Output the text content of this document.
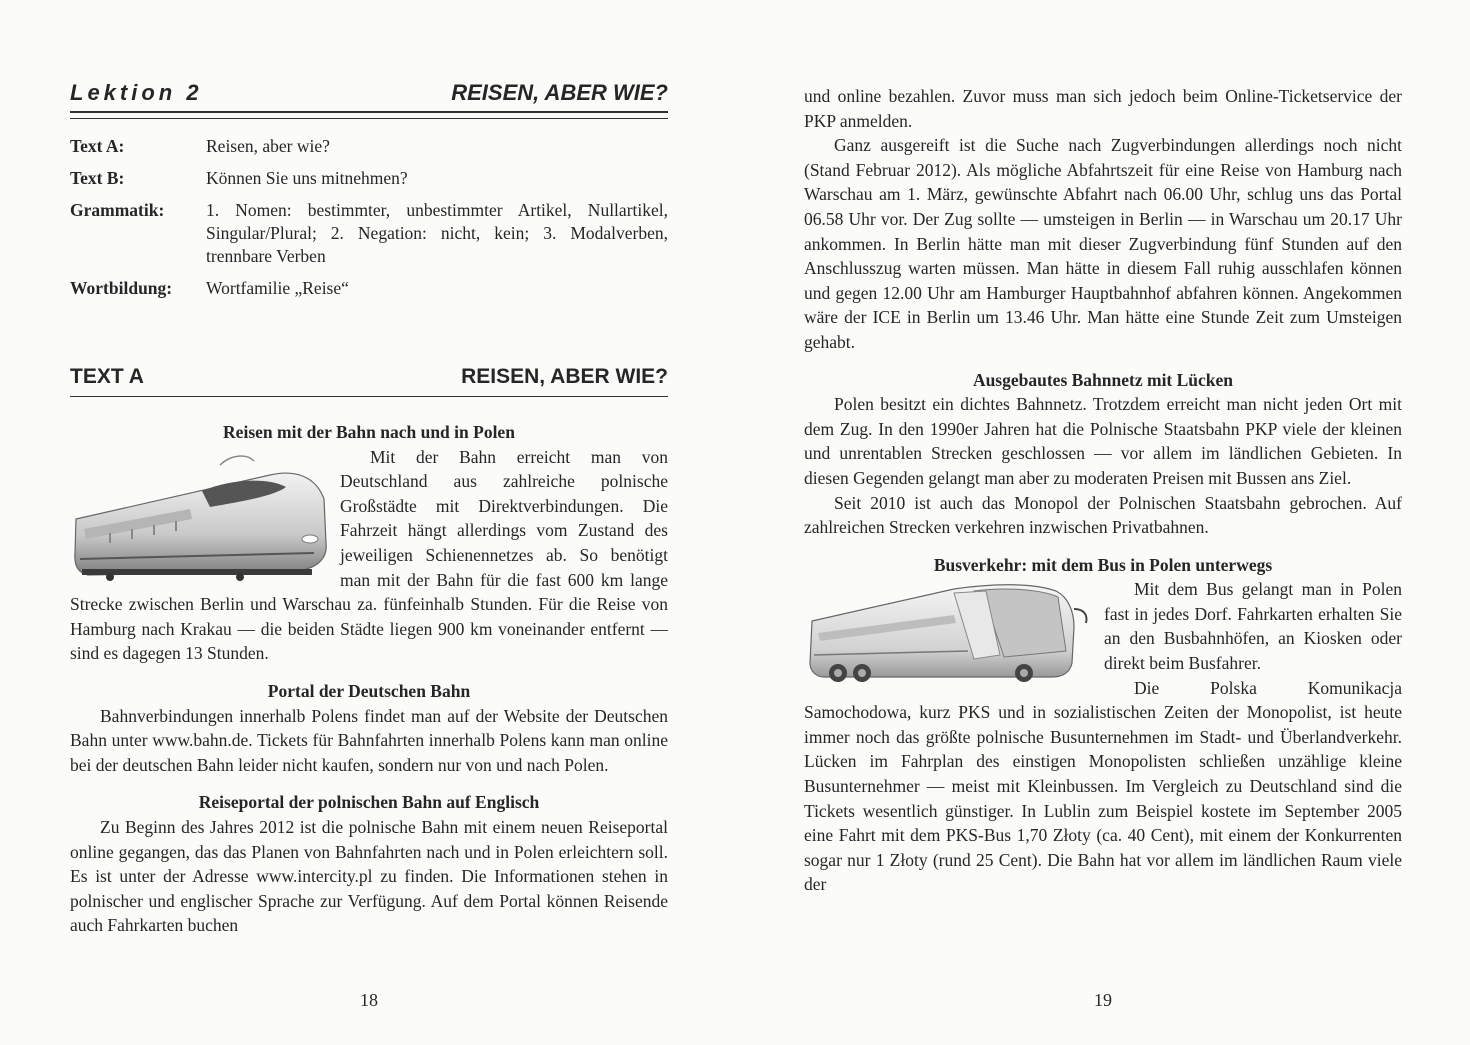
Lektion 2	REISEN, ABER WIE?
Text A:	Reisen, aber wie?
Text B:	Können Sie uns mitnehmen?
Grammatik: 1. Nomen: bestimmter, unbestimmter Artikel, Nullartikel, Singular/Plural; 2. Negation: nicht, kein; 3. Modalverben, trennbare Verben
Wortbildung: Wortfamilie „Reise“
TEXT A	REISEN, ABER WIE?
Reisen mit der Bahn nach und in Polen

Mit der Bahn erreicht man von Deutschland aus zahlreiche polnische Großstädte mit Direktverbindungen. Die Fahrzeit hängt allerdings vom Zustand des jeweiligen Schienennetzes ab. So benötigt man mit der Bahn für die fast 600 km lange Strecke zwischen Berlin und Warschau za. fünfeinhalb Stunden. Für die Reise von Hamburg nach Krakau — die beiden Städte liegen 900 km voneinander entfernt — sind es dagegen 13 Stunden.

Portal der Deutschen Bahn

Bahnverbindungen innerhalb Polens findet man auf der Website der Deutschen Bahn unter www.bahn.de. Tickets für Bahnfahrten innerhalb Polens kann man online bei der deutschen Bahn leider nicht kaufen, sondern nur von und nach Polen.

Reiseportal der polnischen Bahn auf Englisch

Zu Beginn des Jahres 2012 ist die polnische Bahn mit einem neuen Reiseportal online gegangen, das das Planen von Bahnfahrten nach und in Polen erleichtern soll. Es ist unter der Adresse www.intercity.pl zu finden. Die Informationen stehen in polnischer und englischer Sprache zur Verfügung. Auf dem Portal können Reisende auch Fahrkarten buchen

18

und online bezahlen. Zuvor muss man sich jedoch beim Online-Ticketservice der PKP anmelden.

Ganz ausgereift ist die Suche nach Zugverbindungen allerdings noch nicht (Stand Februar 2012). Als mögliche Abfahrtszeit für eine Reise von Hamburg nach Warschau am 1. März, gewünschte Abfahrt nach 06.00 Uhr, schlug uns das Portal 06.58 Uhr vor. Der Zug sollte — umsteigen in Berlin — in Warschau um 20.17 Uhr ankommen. In Berlin hätte man mit dieser Zugverbindung fünf Stunden auf den Anschlusszug warten müssen. Man hätte in diesem Fall ruhig ausschlafen können und gegen 12.00 Uhr am Hamburger Hauptbahnhof abfahren können. Angekommen wäre der ICE in Berlin um 13.46 Uhr. Man hätte eine Stunde Zeit zum Umsteigen gehabt.

Ausgebautes Bahnnetz mit Lücken

Polen besitzt ein dichtes Bahnnetz. Trotzdem erreicht man nicht jeden Ort mit dem Zug. In den 1990er Jahren hat die Polnische Staatsbahn PKP viele der kleinen und unrentablen Strecken geschlossen — vor allem im ländlichen Gebieten. In diesen Gegenden gelangt man aber zu moderaten Preisen mit Bussen ans Ziel.

Seit 2010 ist auch das Monopol der Polnischen Staatsbahn gebrochen. Auf zahlreichen Strecken verkehren inzwischen Privatbahnen.

Busverkehr: mit dem Bus in Polen unterwegs

Mit dem Bus gelangt man in Polen fast in jedes Dorf. Fahrkarten erhalten Sie an den Busbahnhöfen, an Kiosken oder direkt beim Busfahrer.

Die Polska Komunikacja Samochodowa, kurz PKS und in sozialistischen Zeiten der Monopolist, ist heute immer noch das größte polnische Busunternehmen im Stadt- und Überlandverkehr. Lücken im Fahrplan des einstigen Monopolisten schließen unzählige kleine Busunternehmer — meist mit Kleinbussen. Im Vergleich zu Deutschland sind die Tickets wesentlich günstiger. In Lublin zum Beispiel kostete im September 2005 eine Fahrt mit dem PKS-Bus 1,70 Złoty (ca. 40 Cent), mit einem der Konkurrenten sogar nur 1 Złoty (rund 25 Cent). Die Bahn hat vor allem im ländlichen Raum viele der

19
